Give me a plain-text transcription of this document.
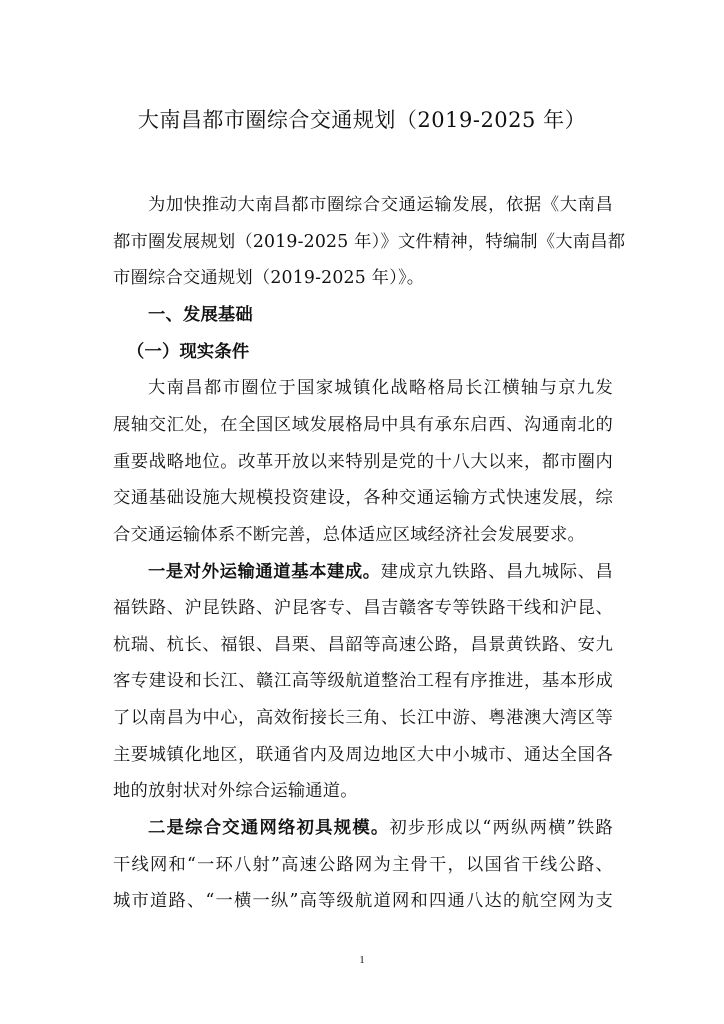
大南昌都市圈综合交通规划（2019-2025 年）
为加快推动大南昌都市圈综合交通运输发展，依据《大南昌
都市圈发展规划（2019-2025 年）》文件精神，特编制《大南昌都
市圈综合交通规划（2019-2025 年）》。
一、发展基础
（一）现实条件
大南昌都市圈位于国家城镇化战略格局长江横轴与京九发
展轴交汇处，在全国区域发展格局中具有承东启西、沟通南北的
重要战略地位。改革开放以来特别是党的十八大以来，都市圈内
交通基础设施大规模投资建设，各种交通运输方式快速发展，综
合交通运输体系不断完善，总体适应区域经济社会发展要求。
一是对外运输通道基本建成。建成京九铁路、昌九城际、昌
福铁路、沪昆铁路、沪昆客专、昌吉赣客专等铁路干线和沪昆、
杭瑞、杭长、福银、昌栗、昌韶等高速公路，昌景黄铁路、安九
客专建设和长江、赣江高等级航道整治工程有序推进，基本形成
了以南昌为中心，高效衔接长三角、长江中游、粤港澳大湾区等
主要城镇化地区，联通省内及周边地区大中小城市、通达全国各
地的放射状对外综合运输通道。
二是综合交通网络初具规模。初步形成以“两纵两横”铁路
干线网和“一环八射”高速公路网为主骨干，以国省干线公路、
城市道路、“一横一纵”高等级航道网和四通八达的航空网为支
1
